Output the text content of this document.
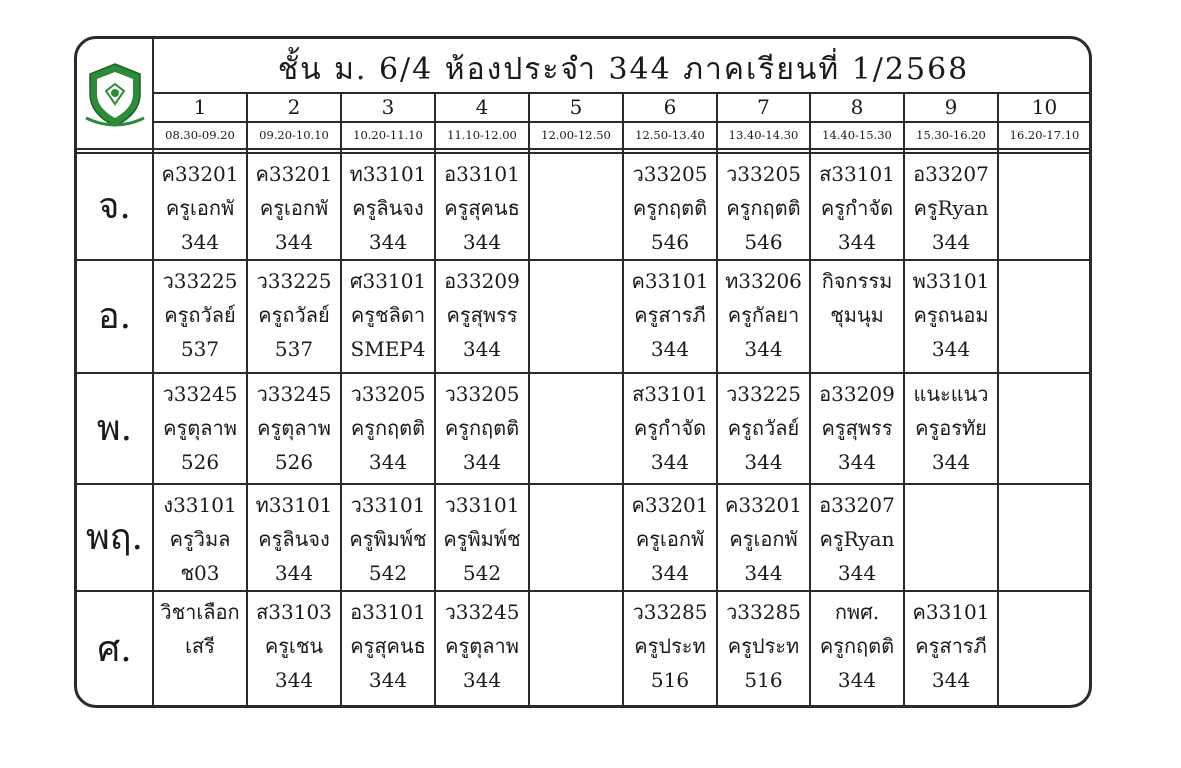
ชั้น ม. 6/4 ห้องประจำ 344 ภาคเรียนที่ 1/2568
1
08.30-09.20
2
09.20-10.10
3
10.20-11.10
4
11.10-12.00
5
12.00-12.50
6
12.50-13.40
7
13.40-14.30
8
14.40-15.30
9
15.30-16.20
10
16.20-17.10
จ.
ค33201
ครูเอกพั
344
ค33201
ครูเอกพั
344
ท33101
ครูลินจง
344
อ33101
ครูสุคนธ
344
ว33205
ครูกฤตติ
546
ว33205
ครูกฤตติ
546
ส33101
ครูกำจัด
344
อ33207
ครูRyan
344
อ.
ว33225
ครูถวัลย์
537
ว33225
ครูถวัลย์
537
ศ33101
ครูชลิดา
SMEP4
อ33209
ครูสุพรร
344
ค33101
ครูสารภี
344
ท33206
ครูกัลยา
344
กิจกรรม
ชุมนุม
พ33101
ครูถนอม
344
พ.
ว33245
ครูตุลาพ
526
ว33245
ครูตุลาพ
526
ว33205
ครูกฤตติ
344
ว33205
ครูกฤตติ
344
ส33101
ครูกำจัด
344
ว33225
ครูถวัลย์
344
อ33209
ครูสุพรร
344
แนะแนว
ครูอรทัย
344
พฤ.
ง33101
ครูวิมล
ช03
ท33101
ครูลินจง
344
ว33101
ครูพิมพ์ช
542
ว33101
ครูพิมพ์ช
542
ค33201
ครูเอกพั
344
ค33201
ครูเอกพั
344
อ33207
ครูRyan
344
ศ.
วิชาเลือก
เสรี
ส33103
ครูเชน
344
อ33101
ครูสุคนธ
344
ว33245
ครูตุลาพ
344
ว33285
ครูประท
516
ว33285
ครูประท
516
กพศ.
ครูกฤตติ
344
ค33101
ครูสารภี
344
